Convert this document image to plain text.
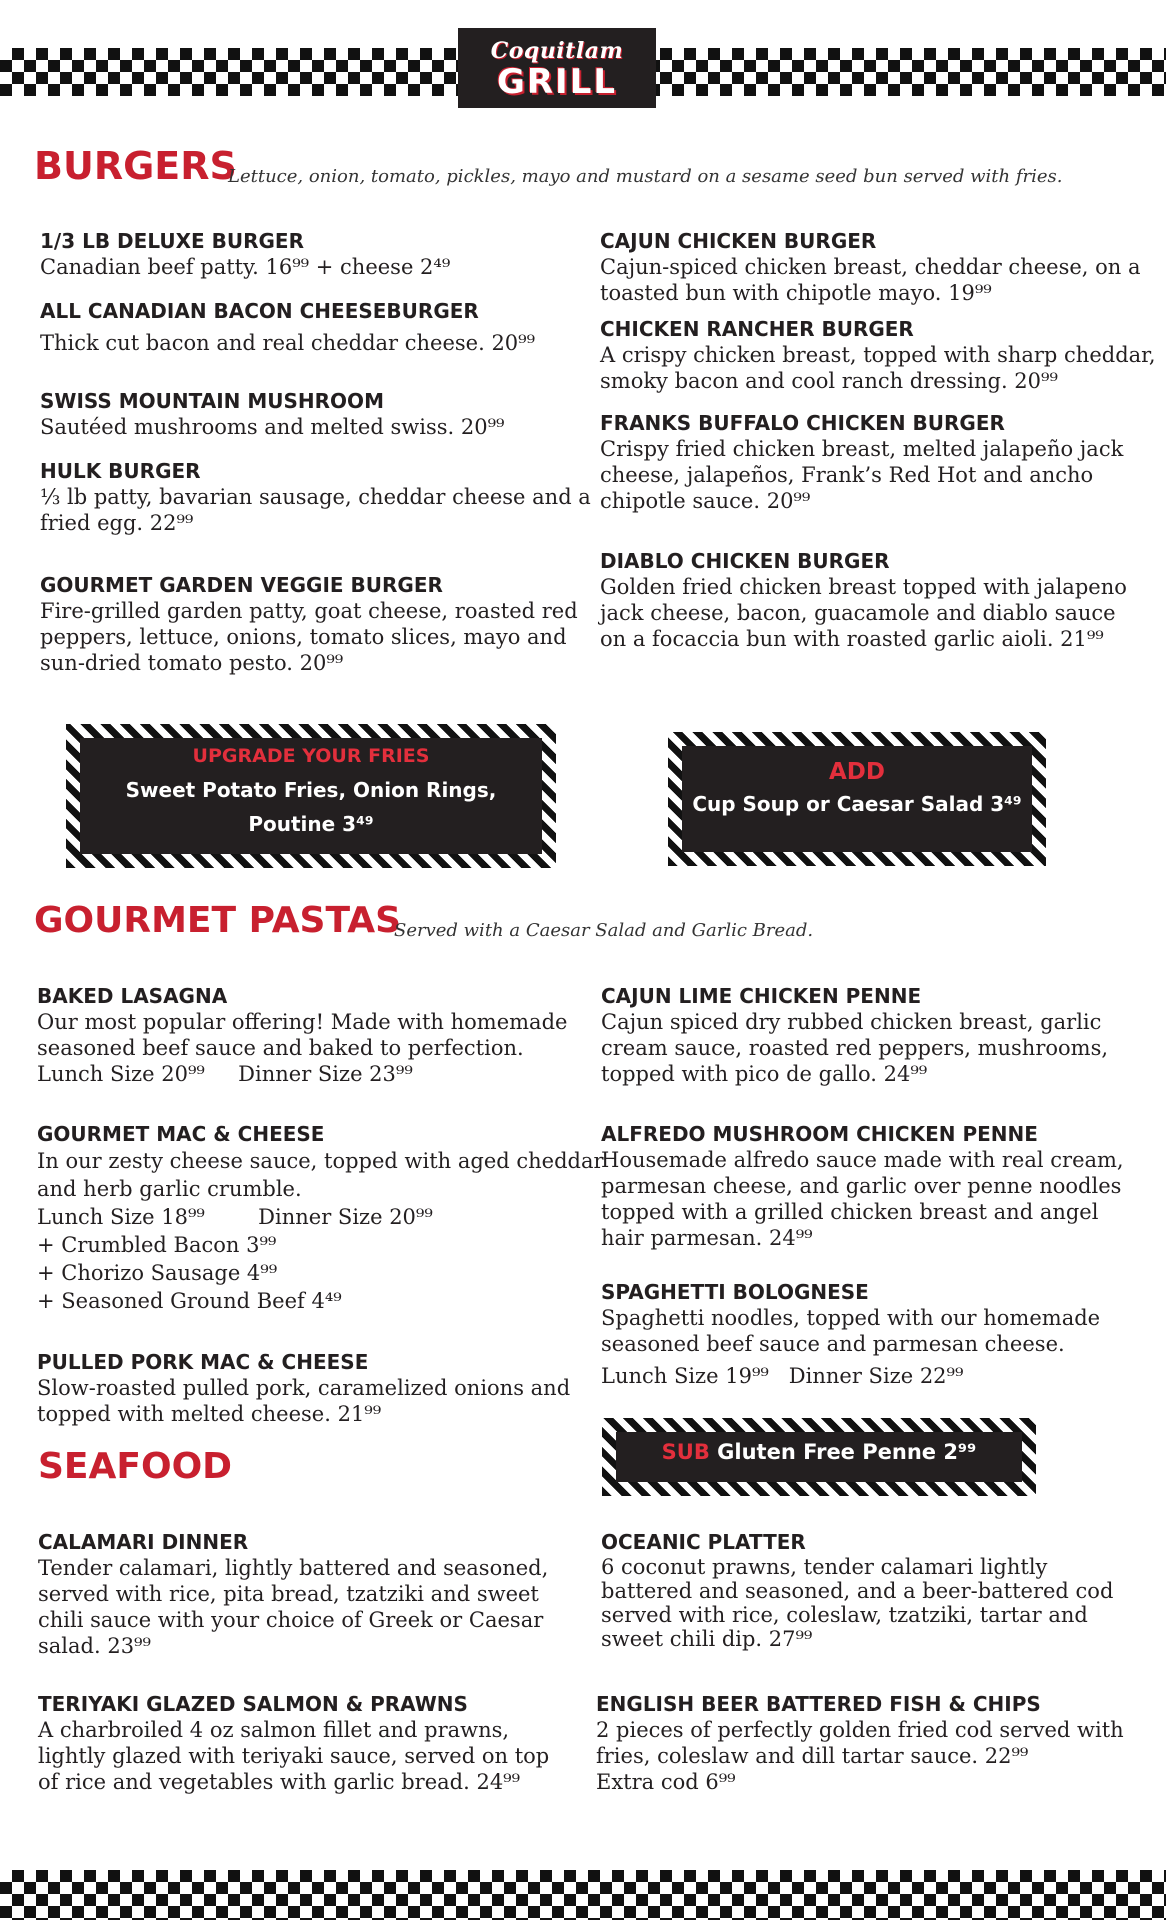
Coquitlam
GRILL
BURGERS
Lettuce, onion, tomato, pickles, mayo and mustard on a sesame seed bun served with fries.
1/3 LB DELUXE BURGER
Canadian beef patty. 16⁹⁹ + cheese 2⁴⁹
ALL CANADIAN BACON CHEESEBURGER
Thick cut bacon and real cheddar cheese. 20⁹⁹
SWISS MOUNTAIN MUSHROOM
Sautéed mushrooms and melted swiss. 20⁹⁹
HULK BURGER
⅓ lb patty, bavarian sausage, cheddar cheese and a
fried egg. 22⁹⁹
GOURMET GARDEN VEGGIE BURGER
Fire-grilled garden patty, goat cheese, roasted red
peppers, lettuce, onions, tomato slices, mayo and
sun-dried tomato pesto. 20⁹⁹
CAJUN CHICKEN BURGER
Cajun-spiced chicken breast, cheddar cheese, on a
toasted bun with chipotle mayo. 19⁹⁹
CHICKEN RANCHER BURGER
A crispy chicken breast, topped with sharp cheddar,
smoky bacon and cool ranch dressing. 20⁹⁹
FRANKS BUFFALO CHICKEN BURGER
Crispy fried chicken breast, melted jalapeño jack
cheese, jalapeños, Frank’s Red Hot and ancho
chipotle sauce. 20⁹⁹
DIABLO CHICKEN BURGER
Golden fried chicken breast topped with jalapeno
jack cheese, bacon, guacamole and diablo sauce
on a focaccia bun with roasted garlic aioli. 21⁹⁹
UPGRADE YOUR FRIES
Sweet Potato Fries, Onion Rings,
Poutine 3⁴⁹
ADD
Cup Soup or Caesar Salad 3⁴⁹
GOURMET PASTAS
Served with a Caesar Salad and Garlic Bread.
BAKED LASAGNA
Our most popular offering! Made with homemade
seasoned beef sauce and baked to perfection.
Lunch Size 20⁹⁹     Dinner Size 23⁹⁹
GOURMET MAC & CHEESE
In our zesty cheese sauce, topped with aged cheddar
and herb garlic crumble.
Lunch Size 18⁹⁹        Dinner Size 20⁹⁹
+ Crumbled Bacon 3⁹⁹
+ Chorizo Sausage 4⁹⁹
+ Seasoned Ground Beef 4⁴⁹
PULLED PORK MAC & CHEESE
Slow-roasted pulled pork, caramelized onions and
topped with melted cheese. 21⁹⁹
CAJUN LIME CHICKEN PENNE
Cajun spiced dry rubbed chicken breast, garlic
cream sauce, roasted red peppers, mushrooms,
topped with pico de gallo. 24⁹⁹
ALFREDO MUSHROOM CHICKEN PENNE
Housemade alfredo sauce made with real cream,
parmesan cheese, and garlic over penne noodles
topped with a grilled chicken breast and angel
hair parmesan. 24⁹⁹
SPAGHETTI BOLOGNESE
Spaghetti noodles, topped with our homemade
seasoned beef sauce and parmesan cheese.
Lunch Size 19⁹⁹   Dinner Size 22⁹⁹
SUB Gluten Free Penne 2⁹⁹
SEAFOOD
CALAMARI DINNER
Tender calamari, lightly battered and seasoned,
served with rice, pita bread, tzatziki and sweet
chili sauce with your choice of Greek or Caesar
salad. 23⁹⁹
TERIYAKI GLAZED SALMON & PRAWNS
A charbroiled 4 oz salmon fillet and prawns,
lightly glazed with teriyaki sauce, served on top
of rice and vegetables with garlic bread. 24⁹⁹
OCEANIC PLATTER
6 coconut prawns, tender calamari lightly
battered and seasoned, and a beer-battered cod
served with rice, coleslaw, tzatziki, tartar and
sweet chili dip. 27⁹⁹
ENGLISH BEER BATTERED FISH & CHIPS
2 pieces of perfectly golden fried cod served with
fries, coleslaw and dill tartar sauce. 22⁹⁹
Extra cod 6⁹⁹
